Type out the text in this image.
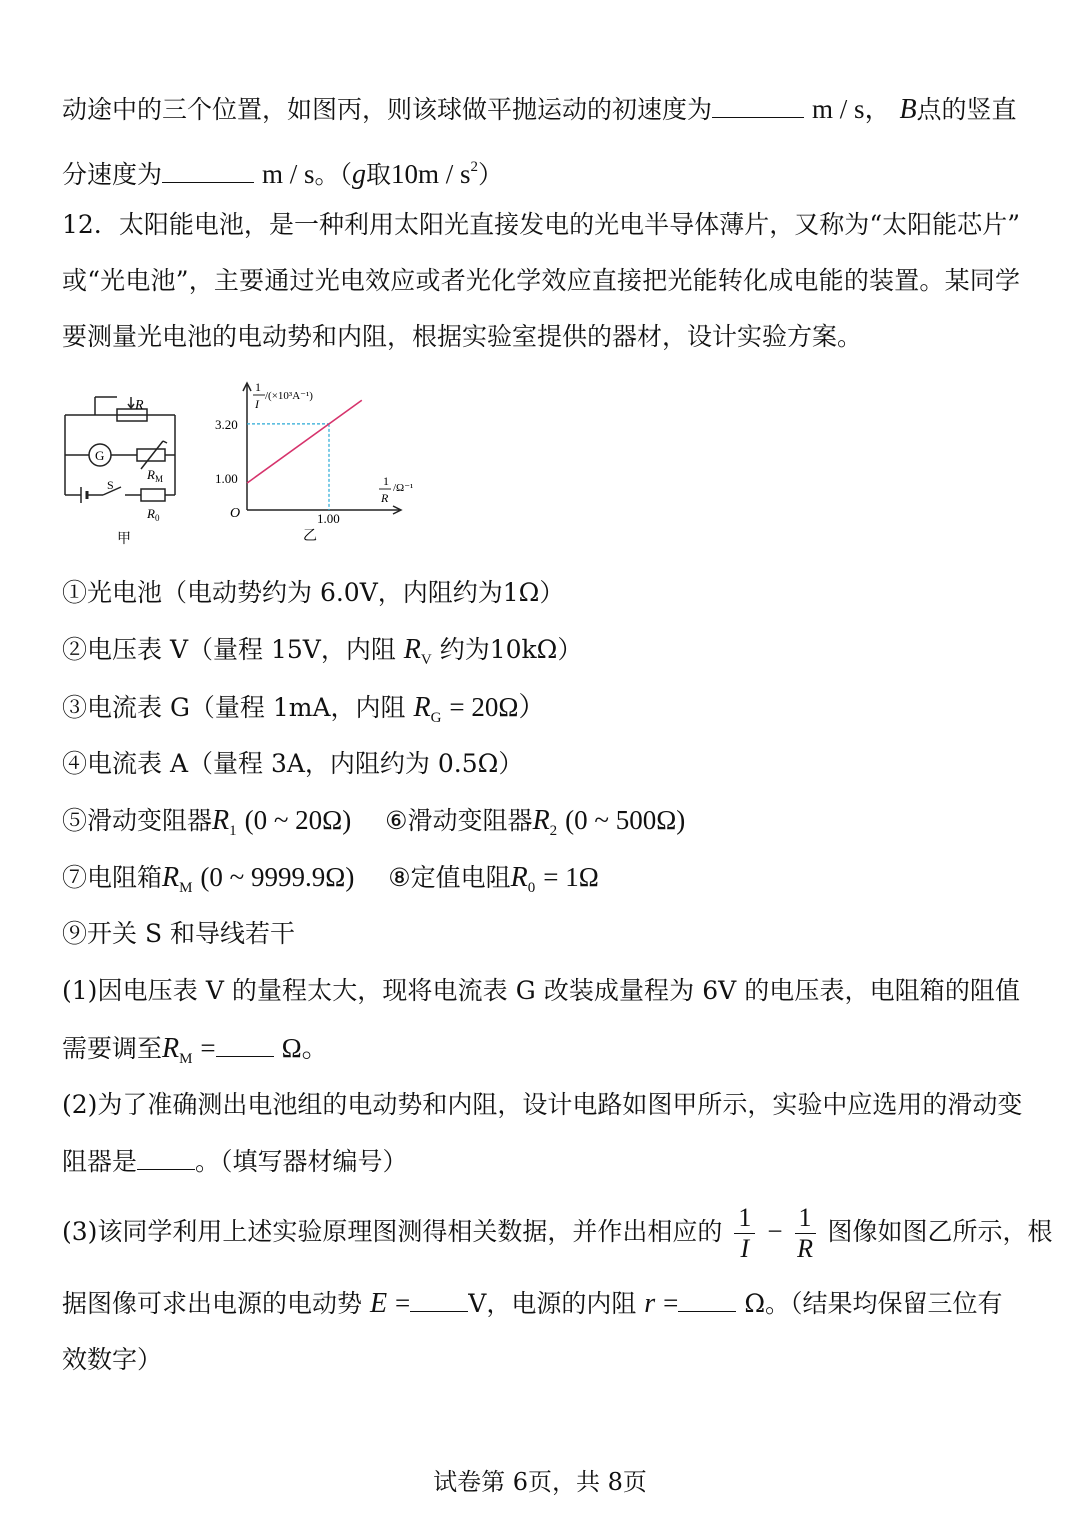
动途中的三个位置，如图丙，则该球做平抛运动的初速度为	m / s， B点的竖直
分速度为	m / s。（g取$10m / s^2$）
12．太阳能电池，是一种利用太阳光直接发电的光电半导体薄片，又称为“太阳能芯片”
或“光电池”，主要通过光电效应或者光化学效应直接把光能转化成电能的装置。某同学
要测量光电池的电动势和内阻，根据实验室提供的器材，设计实验方案。
R
G
$R_M$
S
$R_0$
甲
1
I
/(×10³A⁻¹)
1
R
/Ω⁻¹
O
3.20
1.00
1.00
乙
①光电池（电动势约为 6.0V，内阻约为1Ω）
②电压表 V（量程 15V，内阻 $R_V$ 约为10kΩ）
③电流表 G（量程 1mA，内阻 $R_G = 20\Omega$）
④电流表 A（量程 3A，内阻约为 0.5Ω）
⑤滑动变阻器$R_1$ (0 ~ 20Ω) ⑥滑动变阻器$R_2$ (0 ~ 500Ω)
⑦电阻箱$R_M$ (0 ~ 9999.9Ω) ⑧定值电阻$R_0 = 1\Omega$
⑨开关 S 和导线若干
(1)因电压表 V 的量程太大，现将电流表 G 改装成量程为 6V 的电压表，电阻箱的阻值
需要调至$R_M = \Omega$。
(2)为了准确测出电池组的电动势和内阻，设计电路如图甲所示，实验中应选用的滑动变
阻器是 。（填写器材编号）
(3)该同学利用上述实验原理图测得相关数据，并作出相应的 $\frac{1}{I} - \frac{1}{R}$ 图像如图乙所示，根
据图像可求出电源的电动势 E = V，电源的内阻 r =	Ω。（结果均保留三位有
效数字）
试卷第 6页，共 8页
